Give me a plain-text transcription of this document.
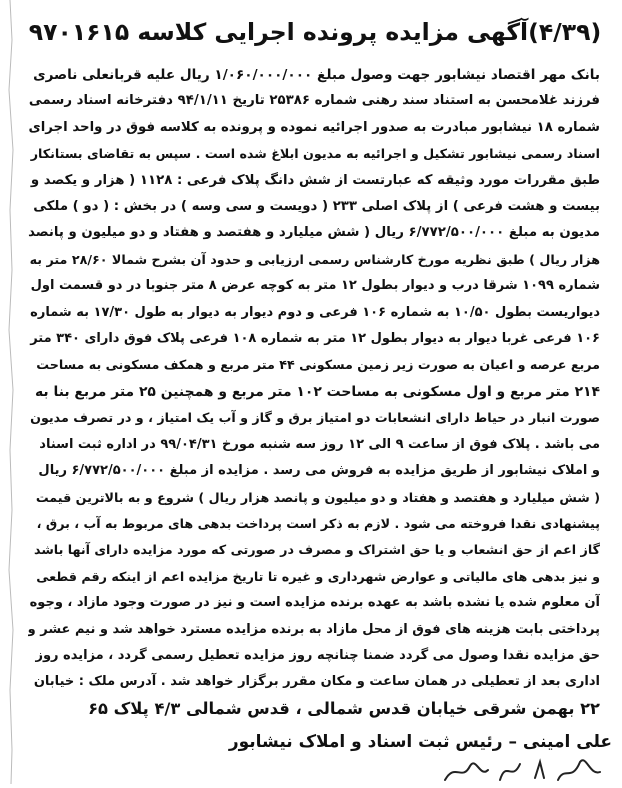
(۴/۳۹)آگهی مزایده پرونده اجرایی کلاسه ۹۷۰۱۶۱۵
بانک مهر اقتصاد نیشابور جهت وصول مبلغ ۱/۰۶۰/۰۰۰/۰۰۰ ریال علیه قربانعلی ناصری
فرزند غلامحسن به استناد سند رهنی شماره ۲۵۳۸۶ تاریخ ۹۴/۱/۱۱ دفترخانه اسناد رسمی
شماره ۱۸ نیشابور مبادرت به صدور اجرائیه نموده و پرونده به کلاسه فوق در واحد اجرای
اسناد رسمی نیشابور تشکیل و اجرائیه به مدیون ابلاغ شده است . سپس به تقاضای بستانکار
طبق مقررات مورد وثیقه که عبارتست از شش دانگ پلاک فرعی : ۱۱۲۸ ( هزار و یکصد و
بیست و هشت فرعی ) از پلاک اصلی ۲۳۳ ( دویست و سی وسه ) در بخش : ( دو ) ملکی
مدیون به مبلغ ۶/۷۷۲/۵۰۰/۰۰۰ ریال ( شش میلیارد و هفتصد و هفتاد و دو میلیون و پانصد
هزار ریال ) طبق نظریه مورخ کارشناس رسمی ارزیابی و حدود آن بشرح شمالا ۲۸/۶۰ متر به
شماره ۱۰۹۹ شرقا درب و دیوار بطول ۱۲ متر به کوچه عرض ۸ متر جنوبا در دو قسمت اول
دیواریست بطول ۱۰/۵۰ به شماره ۱۰۶ فرعی و دوم دیوار به دیوار به طول ۱۷/۳۰ به شماره
۱۰۶ فرعی غربا دیوار به دیوار بطول ۱۲ متر به شماره ۱۰۸ فرعی پلاک فوق دارای ۳۴۰ متر
مربع عرصه و اعیان به صورت زیر زمین مسکونی ۴۴ متر مربع و همکف مسکونی به مساحت
۲۱۴ متر مربع و اول مسکونی به مساحت ۱۰۲ متر مربع و همچنین ۲۵ متر مربع بنا به
صورت انبار در حیاط دارای انشعابات دو امتیاز برق و گاز و آب یک امتیاز ، و در تصرف مدیون
می باشد . پلاک فوق از ساعت ۹ الی ۱۲ روز سه شنبه مورخ ۹۹/۰۴/۳۱ در اداره ثبت اسناد
و املاک نیشابور از طریق مزایده به فروش می رسد . مزایده از مبلغ ۶/۷۷۲/۵۰۰/۰۰۰ ریال
( شش میلیارد و هفتصد و هفتاد و دو میلیون و پانصد هزار ریال ) شروع و به بالاترین قیمت
پیشنهادی نقدا فروخته می شود . لازم به ذکر است پرداخت بدهی های مربوط به آب ، برق ،
گاز اعم از حق انشعاب و یا حق اشتراک و مصرف در صورتی که مورد مزایده دارای آنها باشد
و نیز بدهی های مالیاتی و عوارض شهرداری و غیره تا تاریخ مزایده اعم از اینکه رقم قطعی
آن معلوم شده یا نشده باشد به عهده برنده مزایده است و نیز در صورت وجود مازاد ، وجوه
پرداختی بابت هزینه های فوق از محل مازاد به برنده مزایده مسترد خواهد شد و نیم عشر و
حق مزایده نقدا وصول می گردد ضمنا چنانچه روز مزایده تعطیل رسمی گردد ، مزایده روز
اداری بعد از تعطیلی در همان ساعت و مکان مقرر برگزار خواهد شد . آدرس ملک : خیابان
۲۲ بهمن شرقی خیابان قدس شمالی ، قدس شمالی ۴/۳ پلاک ۶۵
علی امینی – رئیس ثبت اسناد و املاک نیشابور
